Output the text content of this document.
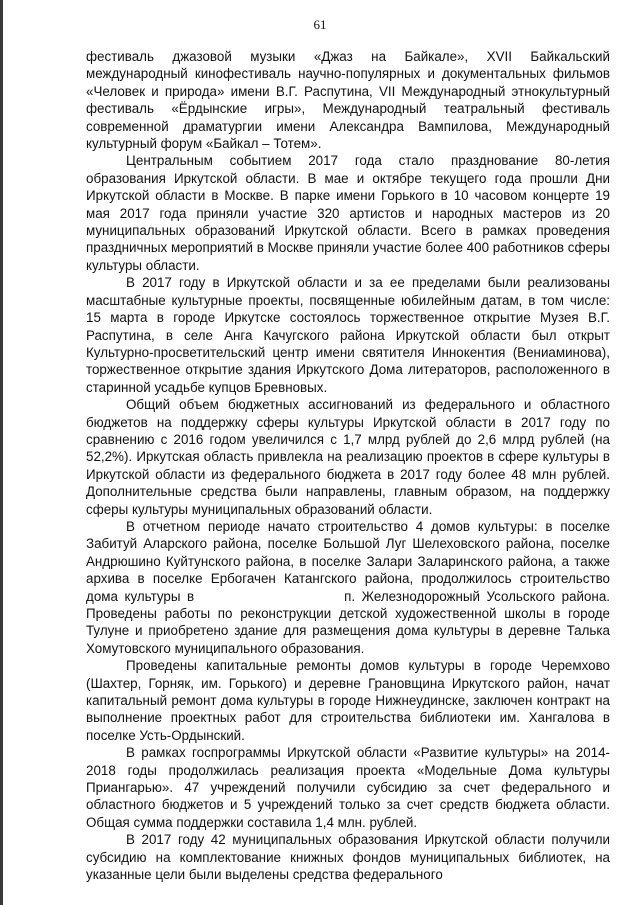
61

фестиваль джазовой музыки «Джаз на Байкале», XVII Байкальский международный кинофестиваль научно-популярных и документальных фильмов «Человек и природа» имени В.Г. Распутина, VII Международный этнокультурный фестиваль «Ёрдынские игры», Международный театральный фестиваль современной драматургии имени Александра Вампилова, Международный культурный форум «Байкал – Тотем».

Центральным событием 2017 года стало празднование 80-летия образования Иркутской области. В мае и октябре текущего года прошли Дни Иркутской области в Москве. В парке имени Горького в 10 часовом концерте 19 мая 2017 года приняли участие 320 артистов и народных мастеров из 20 муниципальных образований Иркутской области. Всего в рамках проведения праздничных мероприятий в Москве приняли участие более 400 работников сферы культуры области.

В 2017 году в Иркутской области и за ее пределами были реализованы масштабные культурные проекты, посвященные юбилейным датам, в том числе: 15 марта в городе Иркутске состоялось торжественное открытие Музея В.Г. Распутина, в селе Анга Качугского района Иркутской области был открыт Культурно-просветительский центр имени святителя Иннокентия (Вениаминова), торжественное открытие здания Иркутского Дома литераторов, расположенного в старинной усадьбе купцов Бревновых.

Общий объем бюджетных ассигнований из федерального и областного бюджетов на поддержку сферы культуры Иркутской области в 2017 году по сравнению с 2016 годом увеличился с 1,7 млрд рублей до 2,6 млрд рублей (на 52,2%). Иркутская область привлекла на реализацию проектов в сфере культуры в Иркутской области из федерального бюджета в 2017 году более 48 млн рублей. Дополнительные средства были направлены, главным образом, на поддержку сферы культуры муниципальных образований области.

В отчетном периоде начато строительство 4 домов культуры: в поселке Забитуй Аларского района, поселке Большой Луг Шелеховского района, поселке Андрюшино Куйтунского района, в поселке Залари Заларинского района, а также архива в поселке Ербогачен Катангского района, продолжилось строительство дома культуры в	п. Железнодорожный Усольского района. Проведены работы по реконструкции детской художественной школы в городе Тулуне и приобретено здание для размещения дома культуры в деревне Талька Хомутовского муниципального образования.

Проведены капитальные ремонты домов культуры в городе Черемхово (Шахтер, Горняк, им. Горького) и деревне Грановщина Иркутского район, начат капитальный ремонт дома культуры в городе Нижнеудинске, заключен контракт на выполнение проектных работ для строительства библиотеки им. Хангалова в поселке Усть-Ордынский.

В рамках госпрограммы Иркутской области «Развитие культуры» на 2014-2018 годы продолжилась реализация проекта «Модельные Дома культуры Приангарью». 47 учреждений получили субсидию за счет федерального и областного бюджетов и 5 учреждений только за счет средств бюджета области. Общая сумма поддержки составила 1,4 млн. рублей.

В 2017 году 42 муниципальных образования Иркутской области получили субсидию на комплектование книжных фондов муниципальных библиотек, на указанные цели были выделены средства федерального
